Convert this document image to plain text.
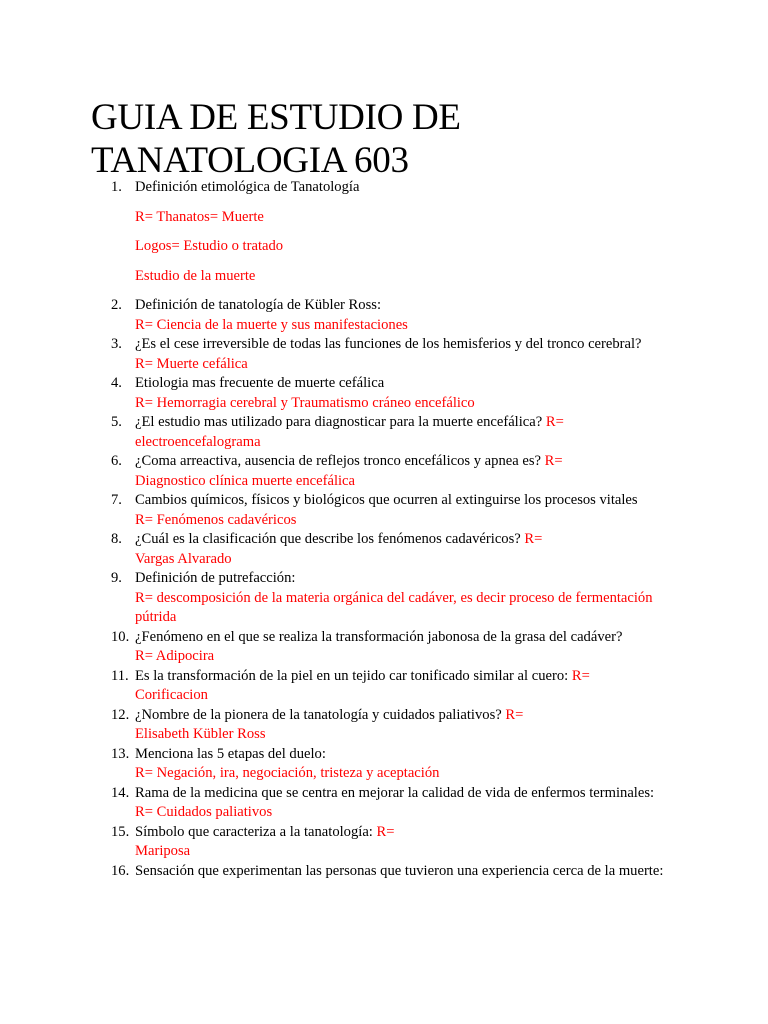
GUIA DE ESTUDIO DE
TANATOLOGIA 603
1. Definición etimológica de Tanatología
R= Thanatos= Muerte
Logos= Estudio o tratado
Estudio de la muerte
2. Definición de tanatología de Kübler Ross:
R= Ciencia de la muerte y sus manifestaciones
3. ¿Es el cese irreversible de todas las funciones de los hemisferios y del tronco cerebral?
R= Muerte cefálica
4. Etiologia mas frecuente de muerte cefálica
R= Hemorragia cerebral y Traumatismo cráneo encefálico
5. ¿El estudio mas utilizado para diagnosticar para la muerte encefálica? R=
electroencefalograma
6. ¿Coma arreactiva, ausencia de reflejos tronco encefálicos y apnea es? R=
Diagnostico clínica muerte encefálica
7. Cambios químicos, físicos y biológicos que ocurren al extinguirse los procesos vitales
R= Fenómenos cadavéricos
8. ¿Cuál es la clasificación que describe los fenómenos cadavéricos? R=
Vargas Alvarado
9. Definición de putrefacción:
R= descomposición de la materia orgánica del cadáver, es decir proceso de fermentación pútrida
10. ¿Fenómeno en el que se realiza la transformación jabonosa de la grasa del cadáver?
R= Adipocira
11. Es la transformación de la piel en un tejido car tonificado similar al cuero: R=
Corificacion
12. ¿Nombre de la pionera de la tanatología y cuidados paliativos? R=
Elisabeth Kübler Ross
13. Menciona las 5 etapas del duelo:
R= Negación, ira, negociación, tristeza y aceptación
14. Rama de la medicina que se centra en mejorar la calidad de vida de enfermos terminales:
R= Cuidados paliativos
15. Símbolo que caracteriza a la tanatología: R=
Mariposa
16. Sensación que experimentan las personas que tuvieron una experiencia cerca de la muerte:
